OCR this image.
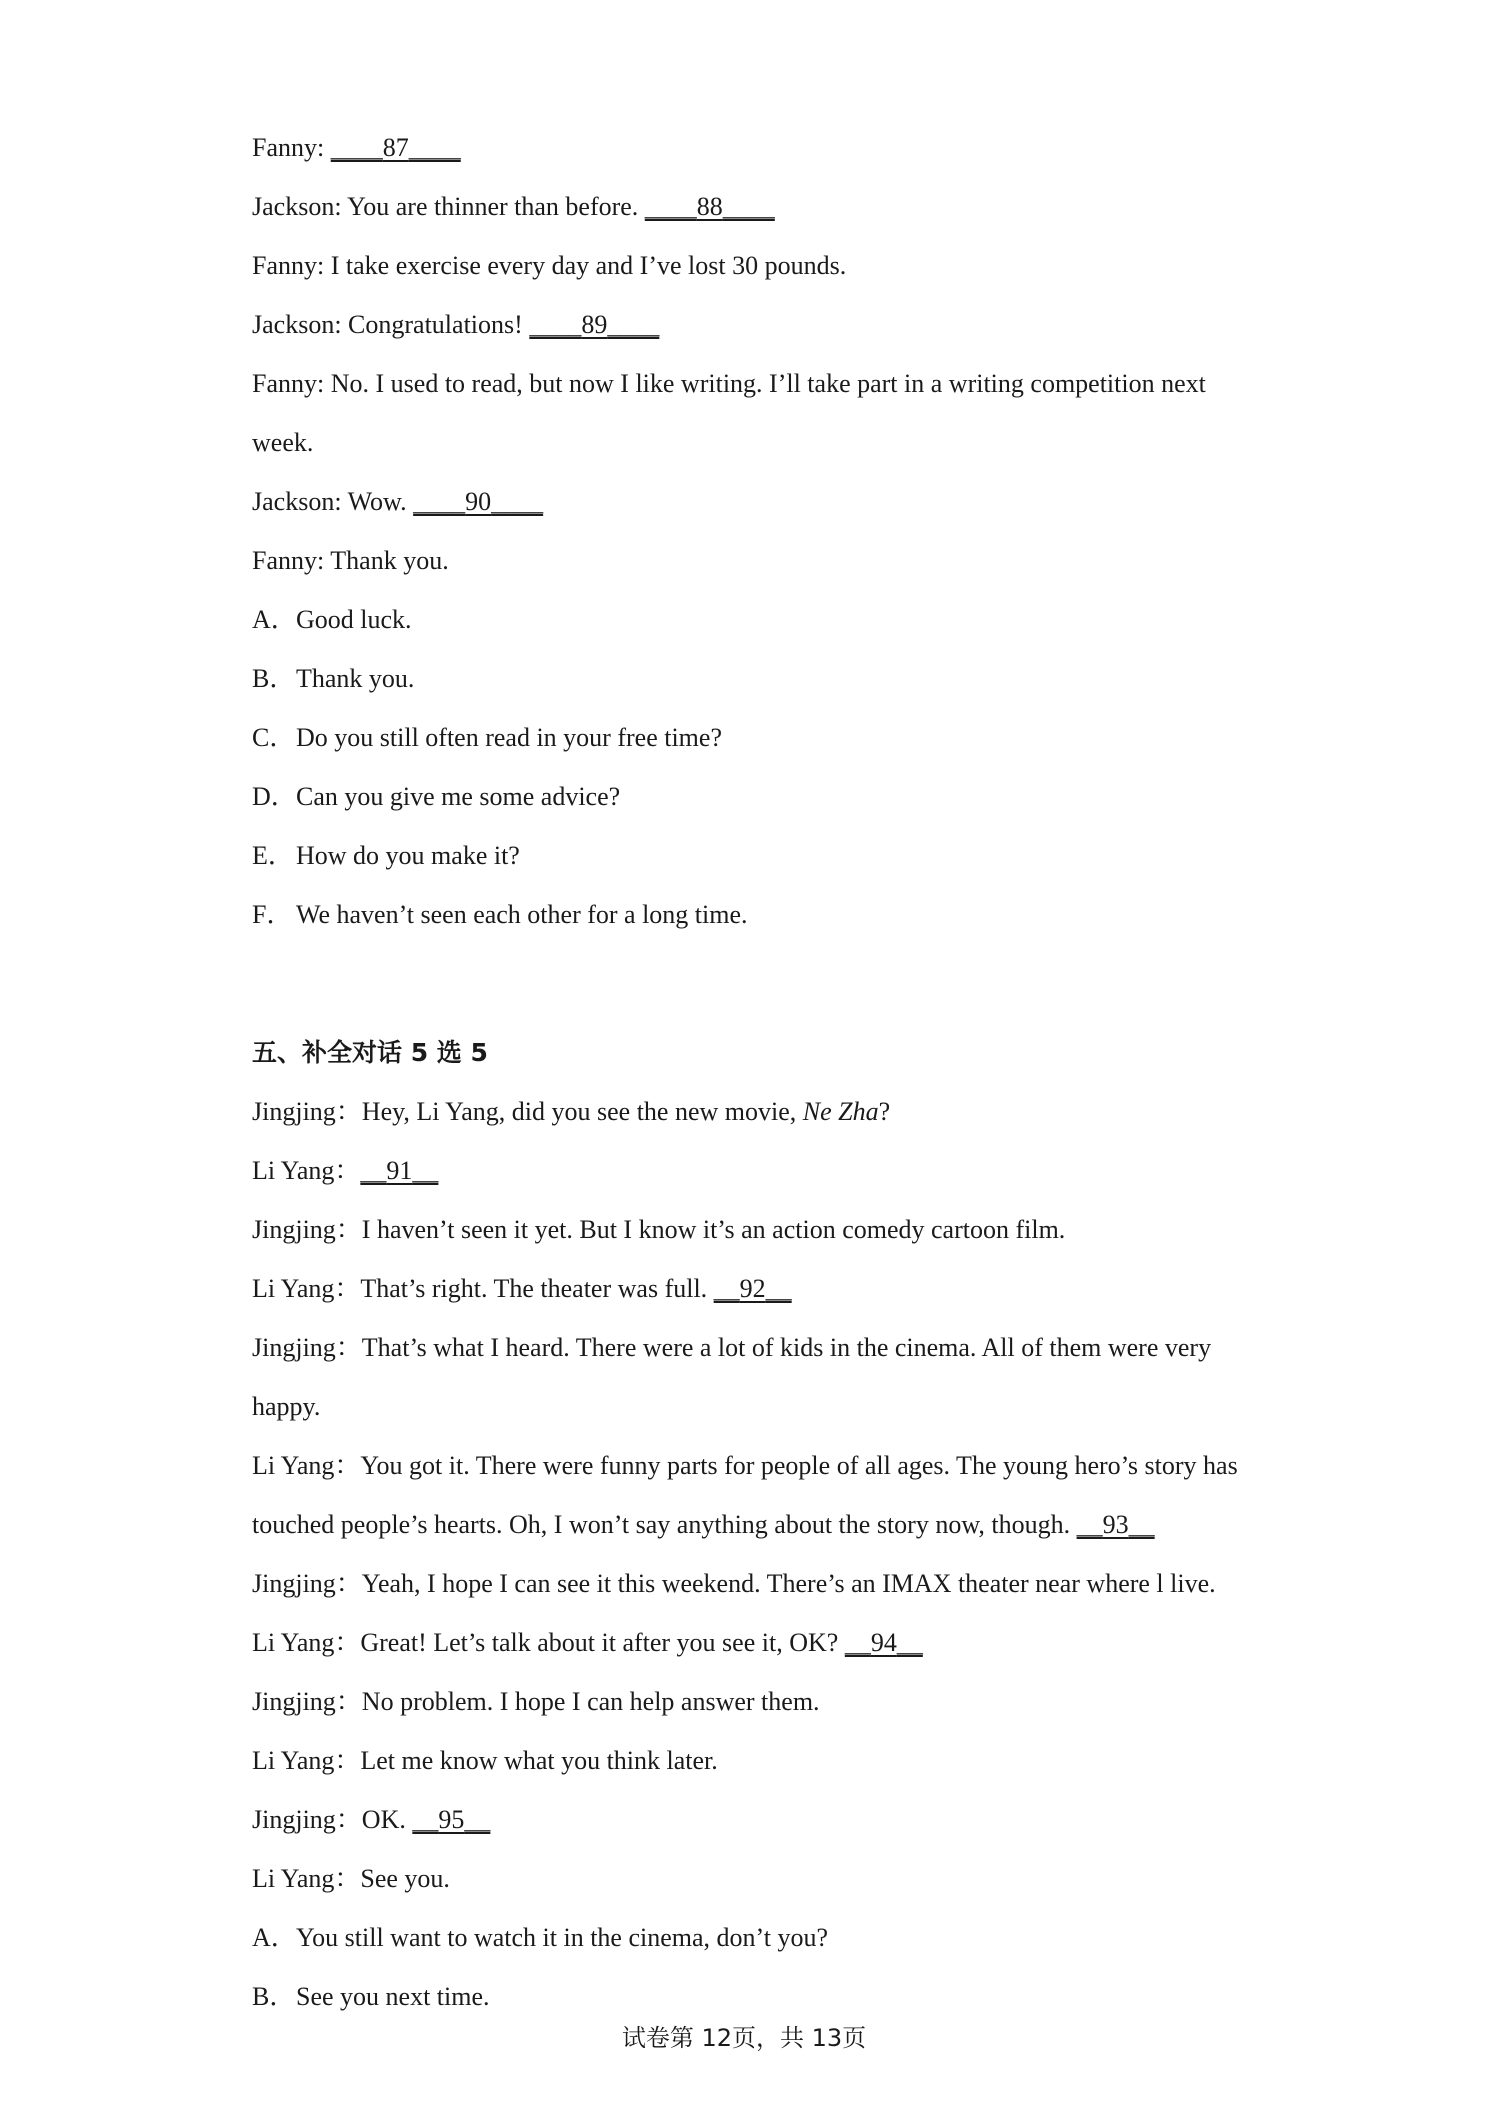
Fanny: ____87____
Jackson: You are thinner than before. ____88____
Fanny: I take exercise every day and I’ve lost 30 pounds.
Jackson: Congratulations! ____89____
Fanny: No. I used to read, but now I like writing. I’ll take part in a writing competition next
week.
Jackson: Wow. ____90____
Fanny: Thank you.
A．Good luck.
B．Thank you.
C．Do you still often read in your free time?
D．Can you give me some advice?
E．How do you make it?
F． We haven’t seen each other for a long time.
五、补全对话 5 选 5
Jingjing：Hey, Li Yang, did you see the new movie, Ne Zha?
Li Yang：__91__
Jingjing：I haven’t seen it yet. But I know it’s an action comedy cartoon film.
Li Yang：That’s right. The theater was full. __92__
Jingjing：That’s what I heard. There were a lot of kids in the cinema. All of them were very
happy.
Li Yang：You got it. There were funny parts for people of all ages. The young hero’s story has
touched people’s hearts. Oh, I won’t say anything about the story now, though. __93__
Jingjing：Yeah, I hope I can see it this weekend. There’s an IMAX theater near where l live.
Li Yang：Great! Let’s talk about it after you see it, OK? __94__
Jingjing：No problem. I hope I can help answer them.
Li Yang：Let me know what you think later.
Jingjing：OK. __95__
Li Yang：See you.
A．You still want to watch it in the cinema, don’t you?
B．See you next time.
试卷第 12页，共 13页
